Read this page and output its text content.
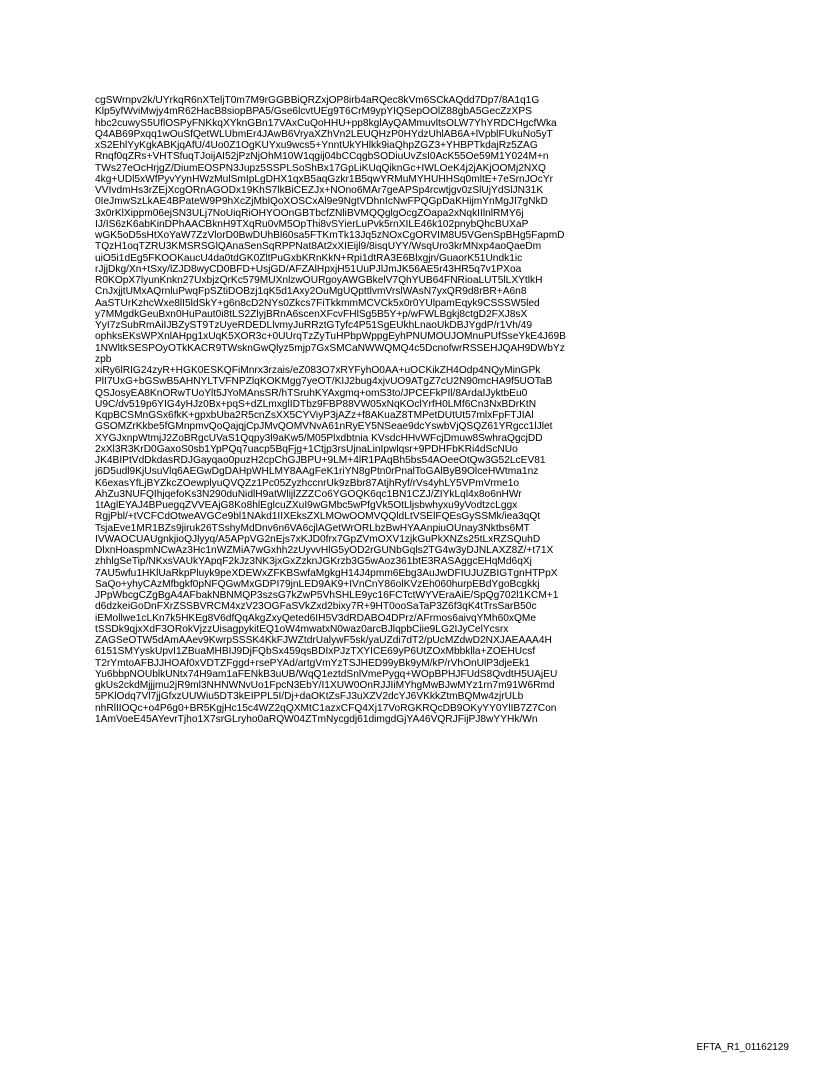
cgSWrnpv2k/UYrkqR6nXTeljT0m7M9rGGBBiQRZxjOP8irb4aRQec8kVm6SCkAQdd7Dp7/8A1q1G
Klp5yfWviMwjy4mR62HacB8siopBPA5/Gse6lcvtUEg9T6CrM9ypYIQSepOOlZ88gbA5GecZzXPS
hbc2cuwyS5UflOSPyFNKkqXYknGBn17VAxCuQoHHU+pp8kglAyQAMmuvltsOLW7YhYRDCHgcfWka
Q4AB69Pxqq1wOuSfQetWLUbmEr4JAwB6VryaXZhVn2LEUQHzP0HYdzUhlAB6A+lVpblFUkuNo5yT
xS2EhlYyKgkABKjqAfU/4Uo0Z1OgKUYxu9wcs5+YnntUkYHlkk9iaQhpZGZ3+YHBPTkdajRz5ZAG
Rnqf0qZRs+VHTSfuqTJoijAI52jPzNjOhM10W1qgij04bCCqgbSODiuUvZsI0AcK55Oe59M1Y024M+n
TWs27eOcHrjgZ/DiumEOSPN3Jupz5SSPLSoShBx17GpLiKUqQiknGc+IWLOeK4j2jAKjOOMj2NXQ
4kg+UDl5xWfPyvYynHWzMulSmIpLgDHX1qxB5aqGzkr1B5qwYRMuMYHUHHSq0mltE+7eSrnJOcYr
VVIvdmHs3rZEjXcgORnAGODx19KhS7lkBiCEZJx+NOno6MAr7geAPSp4rcwtjgv0zSlUjYdSlJN31K
0IeJmwSzLkAE4BPateW9P9hXcZjMblQoXOSCxAl9e9NgtVDhnIcNwFPQGpDaKHijmYnMgJI7gNkD
3x0rKlXippm06ejSN3ULj7NoUiqRiOHYOOnGBTbcfZNliBVMQQglgOcgZOapa2xNqkIIlnlRMY6j
IJ/IS6zK6abKinDPhAACBknH9TXqRu0vM5OpThi8vSYierLuPvk5rnXILE46k102pnybQhcBUXaP
wGK5oD5sHtXoYaW7ZzVlorD0BwDUhBl60sa5FTKmTk13Jq5zNOxCgORVIM8U5VGenSpBHg5FapmD
TQzH1oqTZRU3KMSRSGlQAnaSenSqRPPNat8At2xXIEijl9/8isqUYY/WsqUro3krMNxp4aoQaeDm
uiO5i1dEg5FKOOKaucU4da0tdGK0ZltPuGxbKRnKkN+Rpi1dtRA3E6Blxgjn/GuaorK51Undk1ic
rJjjDkg/Xn+tSxy/lZJD8wyCD0BFD+UsjGD/AFZAlHpxjH51UuPJlJmJK56AE5r43HR5q7v1PXoa
R0KOpX7lyunKnkn27UxbjzQrKc579MUXnlzwOURgoyAWGBkelV7QhYUB64FNRioaLUT5lLXYtlkH
CnJxjjtUMxAQrnluPwqFpSZtiDOBzj1qK5d1Axy2OuMgUQpttlvmVrslWAsN7yxQR9d8rBR+A6n8
AaSTUrKzhcWxe8lI5ldSkY+g6n8cD2NYs0Zkcs7FiTkkmmMCVCk5x0r0YUlpamEqyk9CSSSW5led
y7MMgdkGeuBxn0HuPaut0i8tLS2ZlyjBRnA6scenXFcvFHlSg5B5Y+p/wFWLBgkj8ctgD2FXJ8sX
YyI7zSubRmAiIJBZyST9TzUyeRDEDLlvmyJuRRztGTyfc4P51SgEUkhLnaoUkDBJYgdP/r1Vh/49
ophksEKsWPXnlAHpg1xUqK5XOR3c+0UUrqTzZyTuHPbpWppgEyhPNUMOUJOMnuPUfSseYkE4J69B
1NWltkSESPOyOTkKACR9TWsknGwQlyz5mjp7GxSMCaNWWQMQ4c5DcnofwrRSSEHJQAH9DWbYz
zpb
xiRy6lRIG24zyR+HGK0ESKQFiMnrx3rzais/eZ083O7xRYFyhO0AA+uOCKikZH4Odp4NQyMinGPk
PlI7UxG+bGSwB5AHNYLTVFNPZlqKOKMgg7yeOT/KIJ2bug4xjvUO9ATgZ7cU2N90mcHA9f5UOTaB
QSJosyEA8KnORwTUoYlt5JYoMAnsSR/hTSruhKYAxgmq+omS3to/JPCEFkPIl/8ArdaIJyktbEu0
U9C/dv519p6YIG4yHJz0Bx+pqS+dZLmxglIDTbz9FBP88VW05xNqKOclYrfH0LMf6Cn3NxBDrKtN
KqpBCSMnGSx6fkK+gpxbUba2R5cnZsXX5CYViyP3jAZz+f8AKuaZ8TMPetDUtUt57mlxFpFTJIAl
GSOMZrKkbe5fGMnpmvQoQajqjCpJMvQOMVNvA61nRyEY5NSeae9dcYswbVjQSQZ61YRgcc1lJlet
XYGJxnpWtmjJ2ZoBRgcUVaS1Qqpy3l9aKw5/M05Plxdbtnia KVsdcHHvWFcjDmuw8SwhraQgcjDD
2xXl3R3KrD0GaxoS0sb1YpPQq7uacp5BqFjg+1Ctjp3rsUjnaLinIpwlqsr+9PDHFbKRi4dScNUo
JK4BIPtVdDkdasRDJGayqao0puzH2cpChGJBPU+9LM+4lR1PAqBh5bs54AOeeOtQw3G52LcEV81
j6D5udl9KjUsuVlq6AEGwDgDAHpWHLMY8AAgFeK1riYN8gPtn0rPnalToGAlByB9OlceHWtma1nz
K6exasYfLjBYZkcZOewplyuQVQZz1Pc05ZyzhccnrUk9zBbr87AtjhRyf/rVs4yhLY5VPmVrme1o
AhZu3NUFQIhjqefoKs3N290duNidlH9atWlijlZZZCo6YGOQK6qc1BN1CZJ/ZIYkLql4x8o6nHWr
1tAglEYAJ4BPuegqZVVEAjG8Ko8hlEglcuZXuI9wGMbc5wPfgVk5OtLljsbwhyxu9yVodtzcLggx
RgjPbl/+tVCFCdOtweAVGCe9bl1NAkd1IIXEksZXLMOwOOMVQQldLtVSElFQEsGySSMk/iea3qQt
TsjaEve1MR1BZs9jiruk26TSshyMdDnv6n6VA6cjlAGetWrORLbzBwHYAAnpiuOUnay3Nktbs6MT
IVWAOCUAUgnkjioQJlyyq/A5APpVG2nEjs7xKJD0frx7GpZVmOXV1zjkGuPkXNZs25tLxRZSQuhD
DlxnHoaspmNCwAz3Hc1nWZMiA7wGxhh2zUyvvHlG5yOD2rGUNbGqls2TG4w3yDJNLAXZ8Z/+t71X
zhhlgSeTip/NKxsVAUkYApqF2kJz3NK3jxGxZzknJGKrzb3G5wAoz361btE3RASAggcEHqMd6qXj
7AU5wfu1HKlUaRkpPluyk9peXDEWxZFKBSwfaMgkgH14J4pmm6Ebg3AuJwDFIUJUZBIGTgnHTPpX
SaQo+yhyCAzMfbgkf0pNFQGwMxGDPI79jnLED9AK9+IVnCnY86olKVzEh060hurpEBdYgoBcgkkj
JPpWbcgCZgBgA4AFbakNBNMQP3szsG7kZwP5VhSHLE9yc16FCTctWYVEraAiE/SpQg702l1KCM+1
d6dzkeiGoDnFXrZSSBVRCM4xzV23OGFaSVkZxd2bixy7R+9HT0ooSaTaP3Z6f3qK4tTrsSarB50c
iEMollwe1cLKn7k5HKEg8V6dfQqAkgZxyQeted6IH5V3dRDABO4DPrz/AFrmos6aivqYMh60xQMe
tSSDk9qjxXdF3ORokVjzzUisagpykitEQ1oW4mwatxN0waz0arcBJlqpbCiie9LG2IJyCelYcsrx
ZAGSeOTW5dAmAAev9KwrpSSSK4KkFJWZtdrUalywF5sk/yaUZdi7dT2/pUcMZdwD2NXJAEAAA4H
6151SMYyskUpvI1ZBuaMHBIJ9DjFQbSx459qsBDIxPJzTXYICE69yP6UtZOxMbbklla+ZOEHUcsf
T2rYmtoAFBJJHOAf0xVDTZFggd+rsePYAd/artgVmYzTSJHED99yBk9yM/kP/rVhOnUlP3djeEk1
Yu6bbpNOUblkUNtx74H9am1aFENkB3uUB/WqQ1eztdSnlVmePygq+WOpBPHJFUdS8QvdtH5UAjEU
gkUs2ckdMjjjmu2jR9ml3NHNWNvUo1FpcN3EbY/I1XUW0OnRJJIiMYhgMwBJwMYz1rn7m91W6Rmd
5PKlOdq7Vl7jjGfxzUUWiu5DT3kEIPPL5I/Dj+daOKtZsFJ3uXZV2dcYJ6VKkkZtmBQMw4zjrULb
nhRlIIOQc+o4P6g0+BR5KgjHc15c4WZ2qQXMtC1azxCFQ4Xj17VoRGKRQcDB9OKyYY0YlIB7Z7Con
1AmVoeE45AYevrTjho1X7srGLryho0aRQW04ZTmNycgdj61dimgdGjYA46VQRJFijPJ8wYYHk/Wn
EFTA_R1_01162129
